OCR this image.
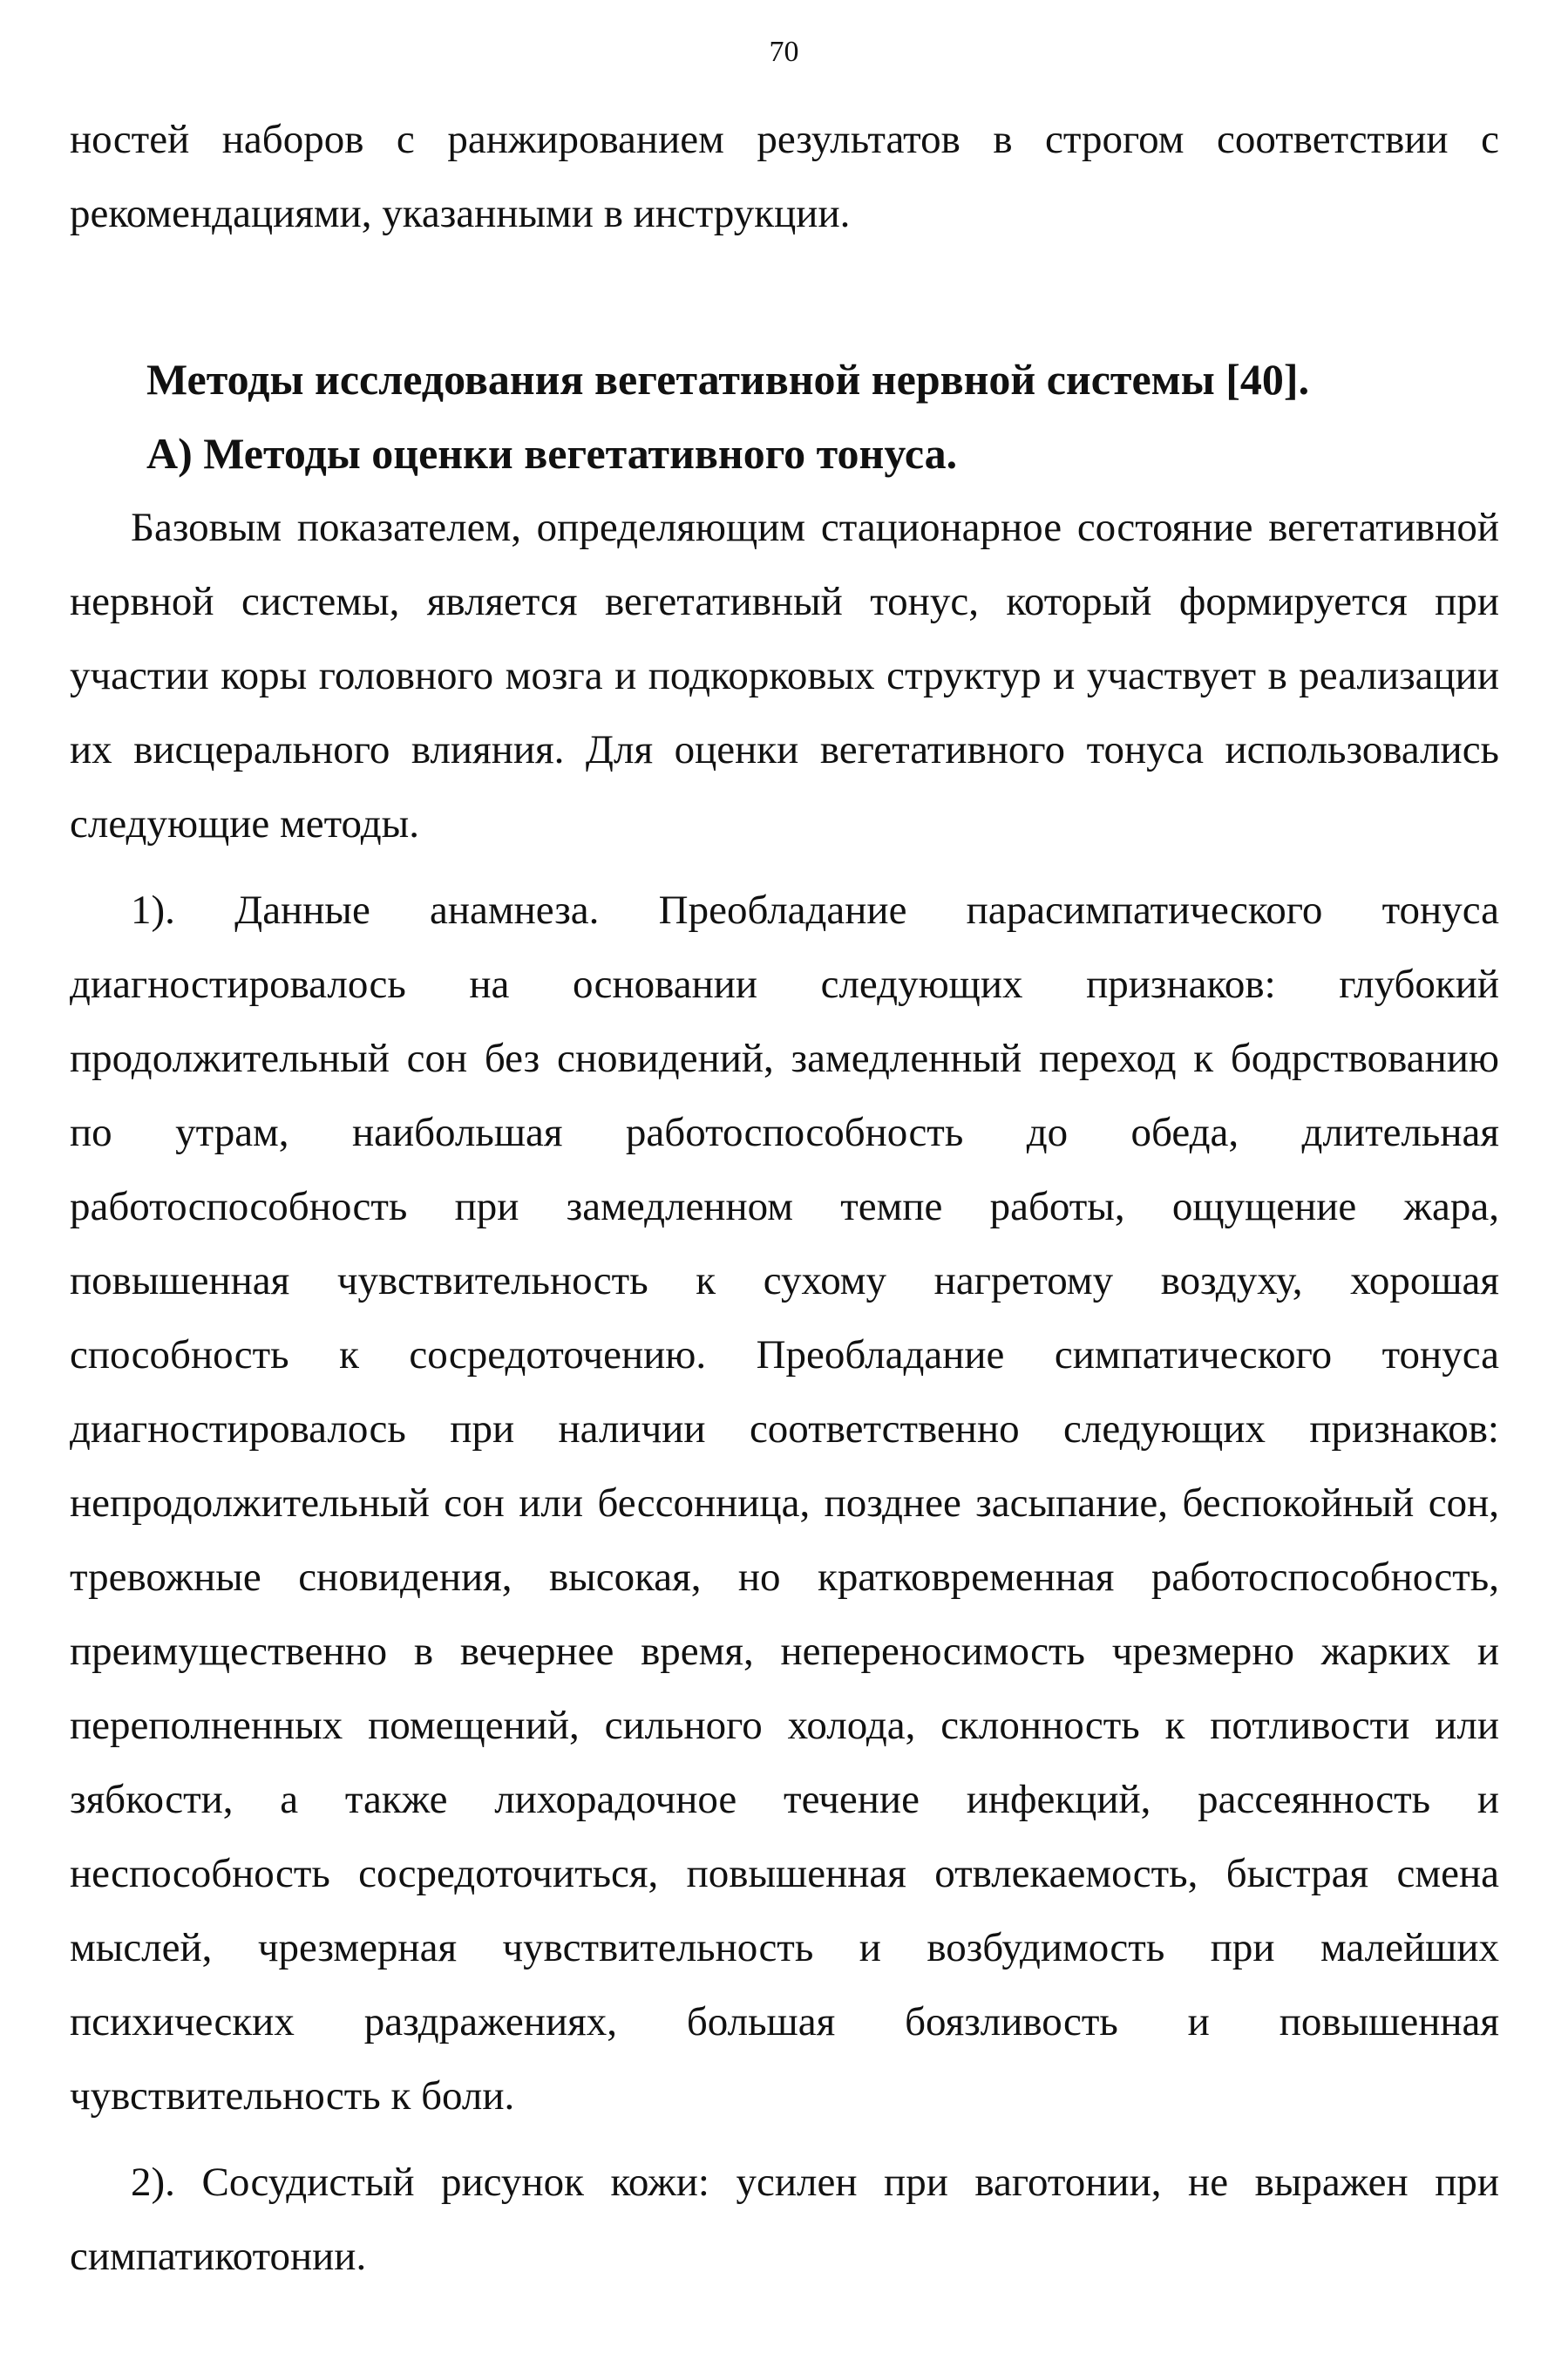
70

ностей наборов с ранжированием результатов в строгом соответствии с рекомендациями, указанными в инструкции.

Методы исследования вегетативной нервной системы [40].
А) Методы оценки вегетативного тонуса.

Базовым показателем, определяющим стационарное состояние вегетативной нервной системы, является вегетативный тонус, который формируется при участии коры головного мозга и подкорковых структур и участвует в реализации их висцерального влияния. Для оценки вегетативного тонуса использовались следующие методы.

1). Данные анамнеза. Преобладание парасимпатического тонуса диагностировалось на основании следующих признаков: глубокий продолжительный сон без сновидений, замедленный переход к бодрствованию по утрам, наибольшая работоспособность до обеда, длительная работоспособность при замедленном темпе работы, ощущение жара, повышенная чувствительность к сухому нагретому воздуху, хорошая способность к сосредоточению. Преобладание симпатического тонуса диагностировалось при наличии соответственно следующих признаков: непродолжительный сон или бессонница, позднее засыпание, беспокойный сон, тревожные сновидения, высокая, но кратковременная работоспособность, преимущественно в вечернее время, непереносимость чрезмерно жарких и переполненных помещений, сильного холода, склонность к потливости или зябкости, а также лихорадочное течение инфекций, рассеянность и неспособность сосредоточиться, повышенная отвлекаемость, быстрая смена мыслей, чрезмерная чувствительность и возбудимость при малейших психических раздражениях, большая боязливость и повышенная чувствительность к боли.

2). Сосудистый рисунок кожи: усилен при ваготонии, не выражен при симпатикотонии.
